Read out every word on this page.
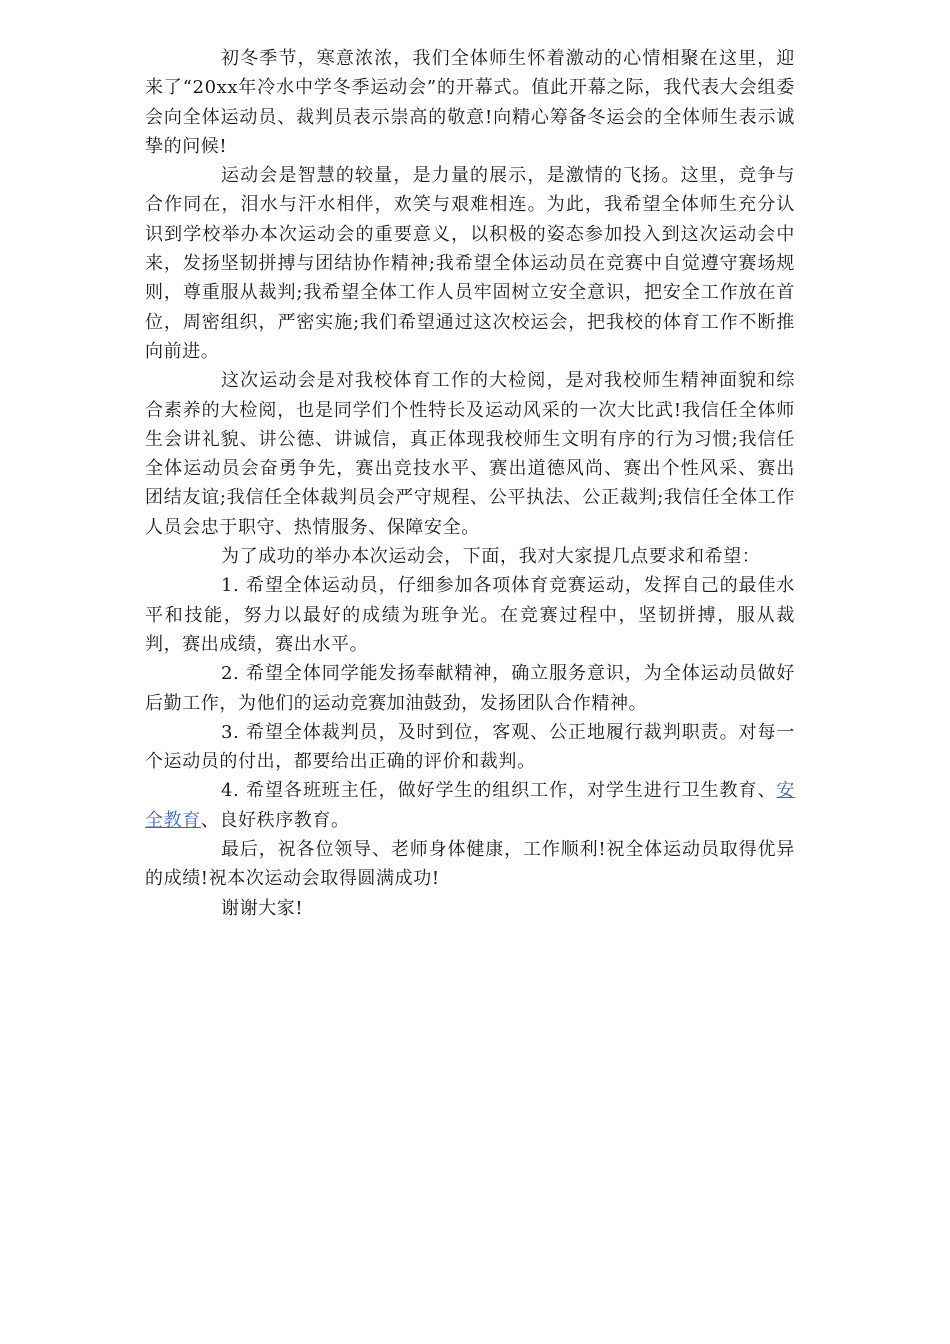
初冬季节，寒意浓浓，我们全体师生怀着激动的心情相聚在这里，迎来了“20xx年冷水中学冬季运动会”的开幕式。值此开幕之际，我代表大会组委会向全体运动员、裁判员表示崇高的敬意!向精心筹备冬运会的全体师生表示诚挚的问候!

运动会是智慧的较量，是力量的展示，是激情的飞扬。这里，竞争与合作同在，泪水与汗水相伴，欢笑与艰难相连。为此，我希望全体师生充分认识到学校举办本次运动会的重要意义，以积极的姿态参加投入到这次运动会中来，发扬坚韧拼搏与团结协作精神;我希望全体运动员在竞赛中自觉遵守赛场规则，尊重服从裁判;我希望全体工作人员牢固树立安全意识，把安全工作放在首位，周密组织，严密实施;我们希望通过这次校运会，把我校的体育工作不断推向前进。

这次运动会是对我校体育工作的大检阅，是对我校师生精神面貌和综合素养的大检阅，也是同学们个性特长及运动风采的一次大比武!我信任全体师生会讲礼貌、讲公德、讲诚信，真正体现我校师生文明有序的行为习惯;我信任全体运动员会奋勇争先，赛出竞技水平、赛出道德风尚、赛出个性风采、赛出团结友谊;我信任全体裁判员会严守规程、公平执法、公正裁判;我信任全体工作人员会忠于职守、热情服务、保障安全。

为了成功的举办本次运动会，下面，我对大家提几点要求和希望：

1. 希望全体运动员，仔细参加各项体育竞赛运动，发挥自己的最佳水平和技能，努力以最好的成绩为班争光。在竞赛过程中，坚韧拼搏，服从裁判，赛出成绩，赛出水平。

2. 希望全体同学能发扬奉献精神，确立服务意识，为全体运动员做好后勤工作，为他们的运动竞赛加油鼓劲，发扬团队合作精神。

3. 希望全体裁判员，及时到位，客观、公正地履行裁判职责。对每一个运动员的付出，都要给出正确的评价和裁判。

4. 希望各班班主任，做好学生的组织工作，对学生进行卫生教育、安全教育、良好秩序教育。

最后，祝各位领导、老师身体健康，工作顺利!祝全体运动员取得优异的成绩!祝本次运动会取得圆满成功!

谢谢大家!
